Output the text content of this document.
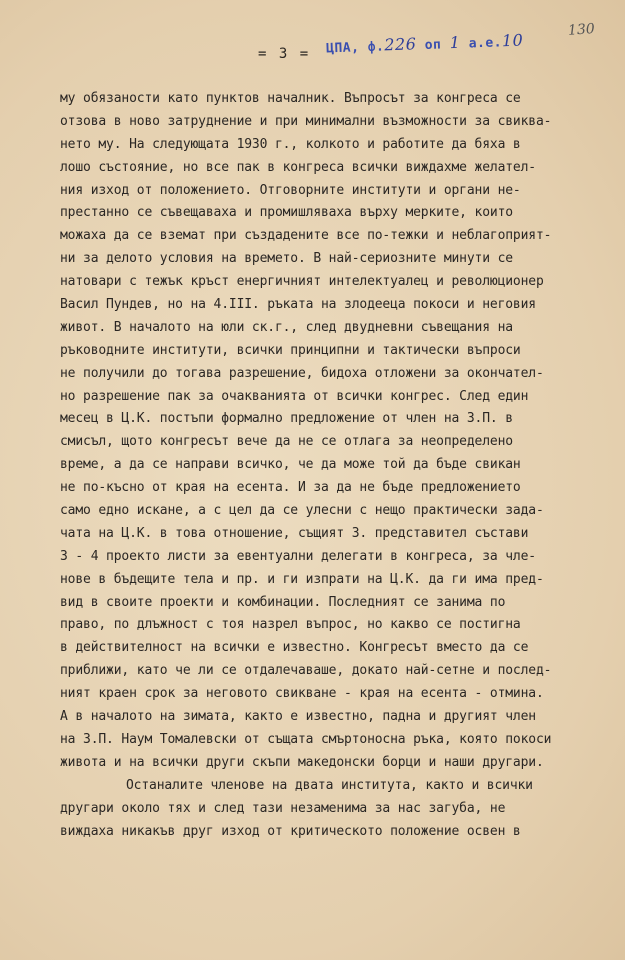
= 3 = ЦПА, ф.226 оп 1 а.е.10
130
му обязаности като пунктов началник. Въпросът за конгреса се
отзова в ново затруднение и при минимални възможности за свиква-
нето му. На следующата 1930 г., колкото и работите да бяха в
лошо състояние, но все пак в конгреса всички виждахме желател-
ния изход от положението. Отговорните институти и органи не-
престанно се съвещаваха и промишляваха върху меркитe, които
можаха да се вземат при създадените все по-тежки и неблагоприят-
ни за делото условия на времето. В най-сериозните минути се
натовари с тежък кръст енергичният интелектуалец и революционер
Васил Пундев, но на 4.III. ръката на злодееца покоси и неговия
живот. В началото на юли ск.г., след двудневни съвещания на
ръководните институти, всички принципни и тактически въпроси
не получили до тогава разрешение, бидоха отложени за окончател-
но разрешение пак за очакванията от всички конгрес. След един
месец в Ц.К. постъпи формално предложение от член на З.П. в
смисъл, щото конгресът вече да не се отлага за неопределено
време, а да се направи всичко, че да може той да бъде свикан
не по-късно от края на есента. И за да не бъде предложението
само едно искане, а с цел да се улесни с нещо практически зада-
чата на Ц.К. в това отношение, същият З. представител състави
3 - 4 проекто листи за евентуални делегати в конгреса, за чле-
нове в бъдещите тела и пр. и ги изпрати на Ц.К. да ги има пред-
вид в своите проекти и комбинации. Последният се занима по
право, по длъжност с тоя назрел въпрос, но какво се постигна
в действителност на всички е известно. Конгресът вместо да се
приближи, като че ли се отдалечаваше, докато най-сетне и послед-
ният краен срок за неговото свикване - края на есента - отмина.
А в началото на зимата, както е известно, падна и другият член
на З.П. Наум Томалевски от същата смъртоносна ръка, която покоси
живота и на всички други скъпи македонски борци и наши другари.
Останалите членове на двата института, както и всички
другари около тях и след тази незаменима за нас загуба, не
виждаха никакъв друг изход от критическото положение освен в
